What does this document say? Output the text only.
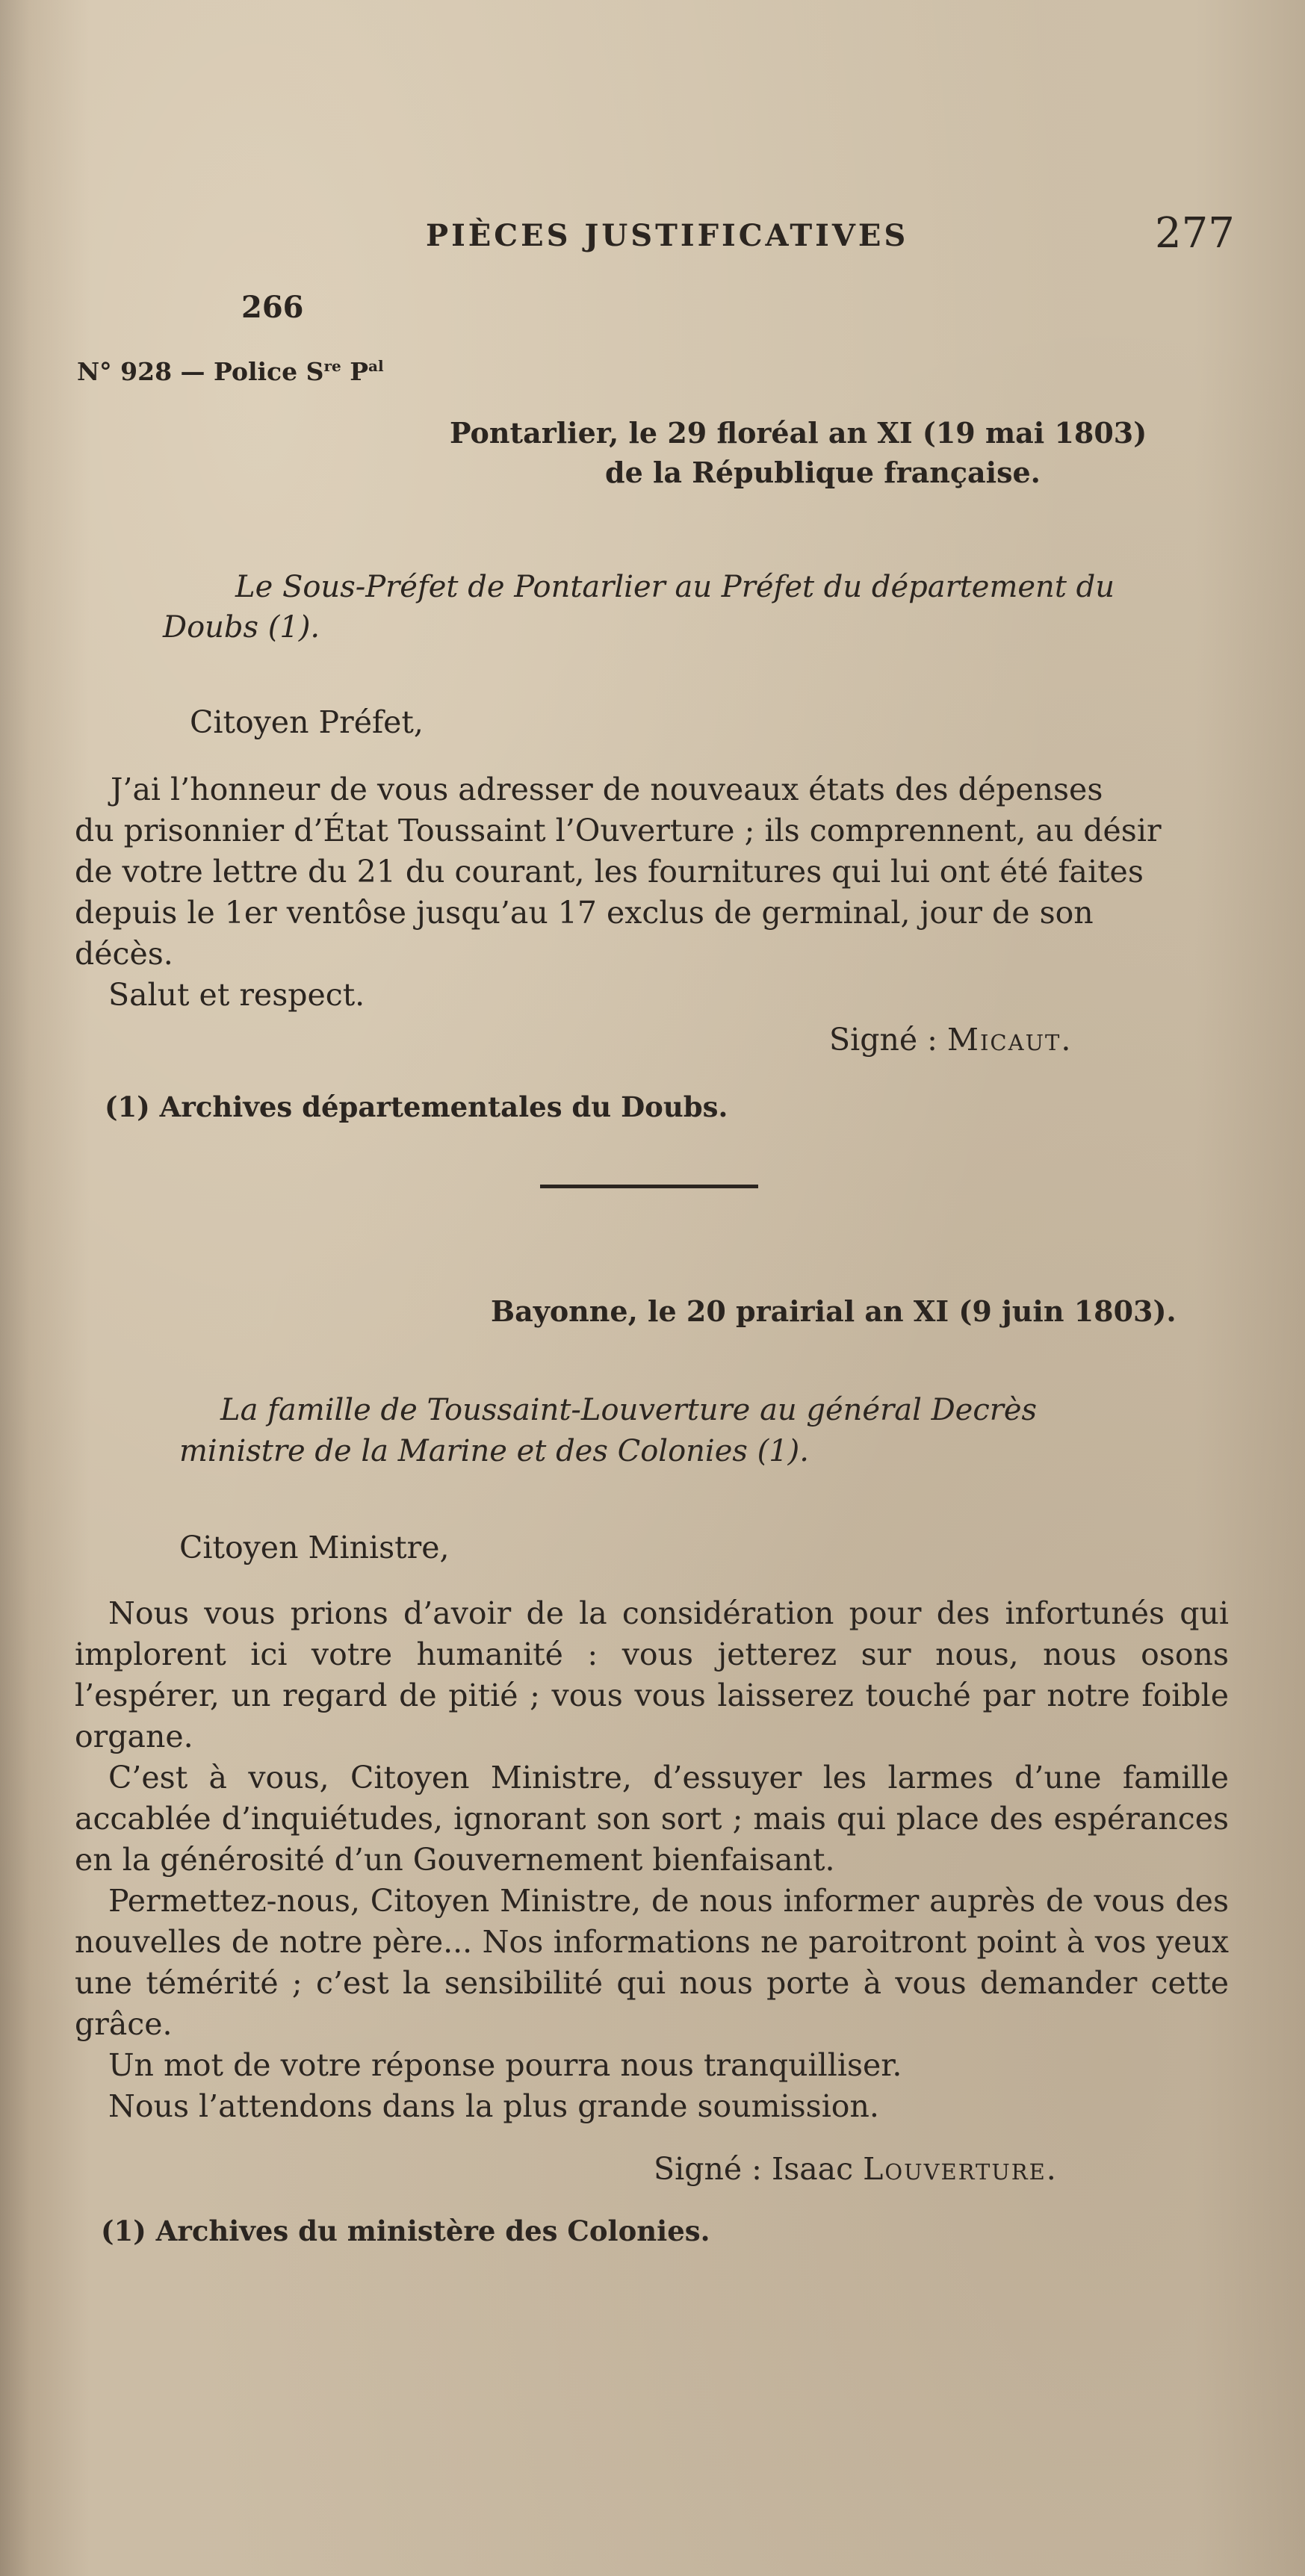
PIÈCES JUSTIFICATIVES	277
266
N° 928 — Police $S^{re}$ $P^{al}$
Pontarlier, le 29 floréal an XI (19 mai 1803)
de la République française.
Le Sous-Préfet de Pontarlier au Préfet du département du
Doubs (1).
Citoyen Préfet,
J’ai l’honneur de vous adresser de nouveaux états des dépenses
du prisonnier d’État Toussaint l’Ouverture ; ils comprennent, au désir
de votre lettre du 21 du courant, les fournitures qui lui ont été faites
depuis le 1er ventôse jusqu’au 17 exclus de germinal, jour de son
décès.
Salut et respect.
Signé : Micaut.
(1) Archives départementales du Doubs.
Bayonne, le 20 prairial an XI (9 juin 1803).
La famille de Toussaint-Louverture au général Decrès
ministre de la Marine et des Colonies (1).
Citoyen Ministre,

Nous vous prions d’avoir de la considération pour des infortunés qui implorent ici votre humanité : vous jetterez sur nous, nous osons l’espérer, un regard de pitié ; vous vous laisserez touché par notre foible organe.

C’est à vous, Citoyen Ministre, d’essuyer les larmes d’une famille accablée d’inquiétudes, ignorant son sort ; mais qui place des espérances en la générosité d’un Gouvernement bienfaisant.

Permettez-nous, Citoyen Ministre, de nous informer auprès de vous des nouvelles de notre père... Nos informations ne paroitront point à vos yeux une témérité ; c’est la sensibilité qui nous porte à vous demander cette grâce.

Un mot de votre réponse pourra nous tranquilliser.

Nous l’attendons dans la plus grande soumission.

Signé : Isaac Louverture.
(1) Archives du ministère des Colonies.
